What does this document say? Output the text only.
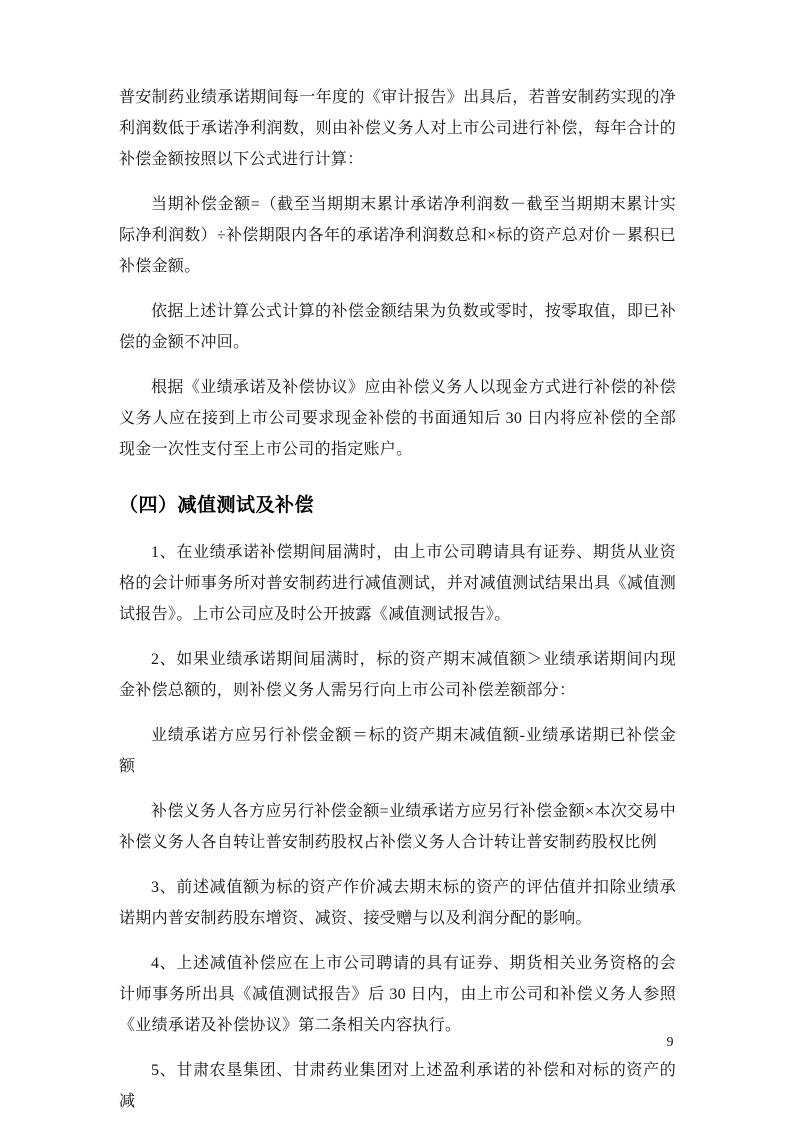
普安制药业绩承诺期间每一年度的《审计报告》出具后，若普安制药实现的净利润数低于承诺净利润数，则由补偿义务人对上市公司进行补偿，每年合计的补偿金额按照以下公式进行计算：

当期补偿金额=（截至当期期末累计承诺净利润数－截至当期期末累计实际净利润数）÷补偿期限内各年的承诺净利润数总和×标的资产总对价－累积已补偿金额。

依据上述计算公式计算的补偿金额结果为负数或零时，按零取值，即已补偿的金额不冲回。

根据《业绩承诺及补偿协议》应由补偿义务人以现金方式进行补偿的补偿义务人应在接到上市公司要求现金补偿的书面通知后 30 日内将应补偿的全部现金一次性支付至上市公司的指定账户。

（四）减值测试及补偿

1、在业绩承诺补偿期间届满时，由上市公司聘请具有证券、期货从业资格的会计师事务所对普安制药进行减值测试，并对减值测试结果出具《减值测试报告》。上市公司应及时公开披露《减值测试报告》。

2、如果业绩承诺期间届满时，标的资产期末减值额＞业绩承诺期间内现金补偿总额的，则补偿义务人需另行向上市公司补偿差额部分：

业绩承诺方应另行补偿金额＝标的资产期末减值额-业绩承诺期已补偿金额

补偿义务人各方应另行补偿金额=业绩承诺方应另行补偿金额×本次交易中补偿义务人各自转让普安制药股权占补偿义务人合计转让普安制药股权比例

3、前述减值额为标的资产作价减去期末标的资产的评估值并扣除业绩承诺期内普安制药股东增资、减资、接受赠与以及利润分配的影响。

4、上述减值补偿应在上市公司聘请的具有证券、期货相关业务资格的会计师事务所出具《减值测试报告》后 30 日内，由上市公司和补偿义务人参照《业绩承诺及补偿协议》第二条相关内容执行。

5、甘肃农垦集团、甘肃药业集团对上述盈利承诺的补偿和对标的资产的减

9
